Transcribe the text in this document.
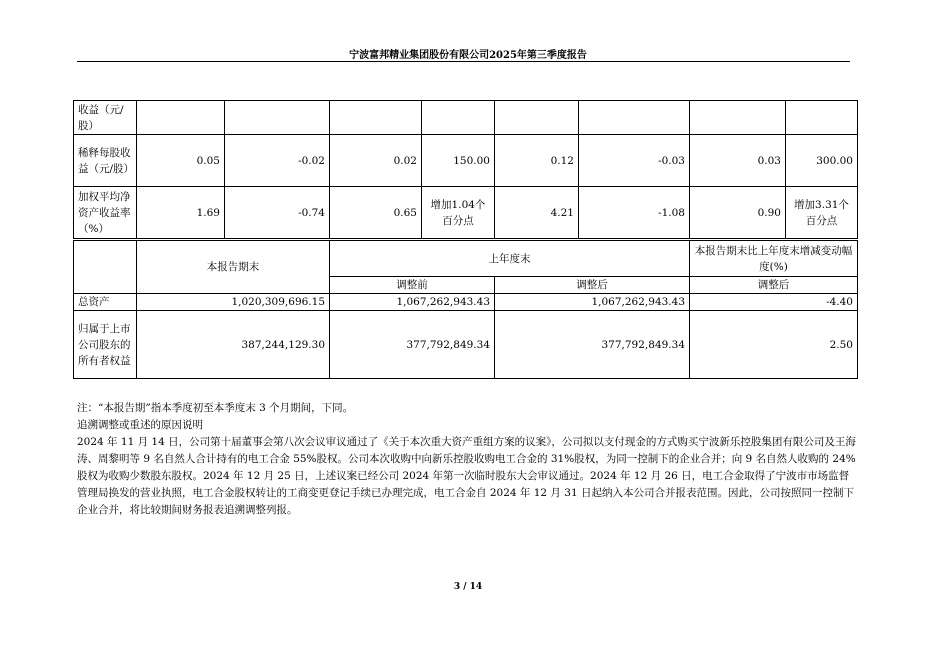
宁波富邦精业集团股份有限公司2025年第三季度报告
收益（元/股）								
稀释每股收益（元/股）	0.05	-0.02	0.02	150.00	0.12	-0.03	0.03	300.00
加权平均净资产收益率（%）	1.69	-0.74	0.65	增加1.04个百分点	4.21	-1.08	0.90	增加3.31个百分点
	本报告期末	上年度末		本报告期末比上年度末增减变动幅度(%)
		调整前	调整后	调整后
总资产	1,020,309,696.15	1,067,262,943.43	1,067,262,943.43	-4.40
归属于上市公司股东的所有者权益	387,244,129.30	377,792,849.34	377,792,849.34	2.50

注：“本报告期”指本季度初至本季度末 3 个月期间，下同。

追溯调整或重述的原因说明

2024 年 11 月 14 日，公司第十届董事会第八次会议审议通过了《关于本次重大资产重组方案的议案》，公司拟以支付现金的方式购买宁波新乐控股集团有限公司及王海涛、周黎明等 9 名自然人合计持有的电工合金 55%股权。公司本次收购中向新乐控股收购电工合金的 31%股权，为同一控制下的企业合并；向 9 名自然人收购的 24%股权为收购少数股东股权。2024 年 12 月 25 日，上述议案已经公司 2024 年第一次临时股东大会审议通过。2024 年 12 月 26 日，电工合金取得了宁波市市场监督管理局换发的营业执照，电工合金股权转让的工商变更登记手续已办理完成，电工合金自 2024 年 12 月 31 日起纳入本公司合并报表范围。因此，公司按照同一控制下企业合并，将比较期间财务报表追溯调整列报。

3 / 14
